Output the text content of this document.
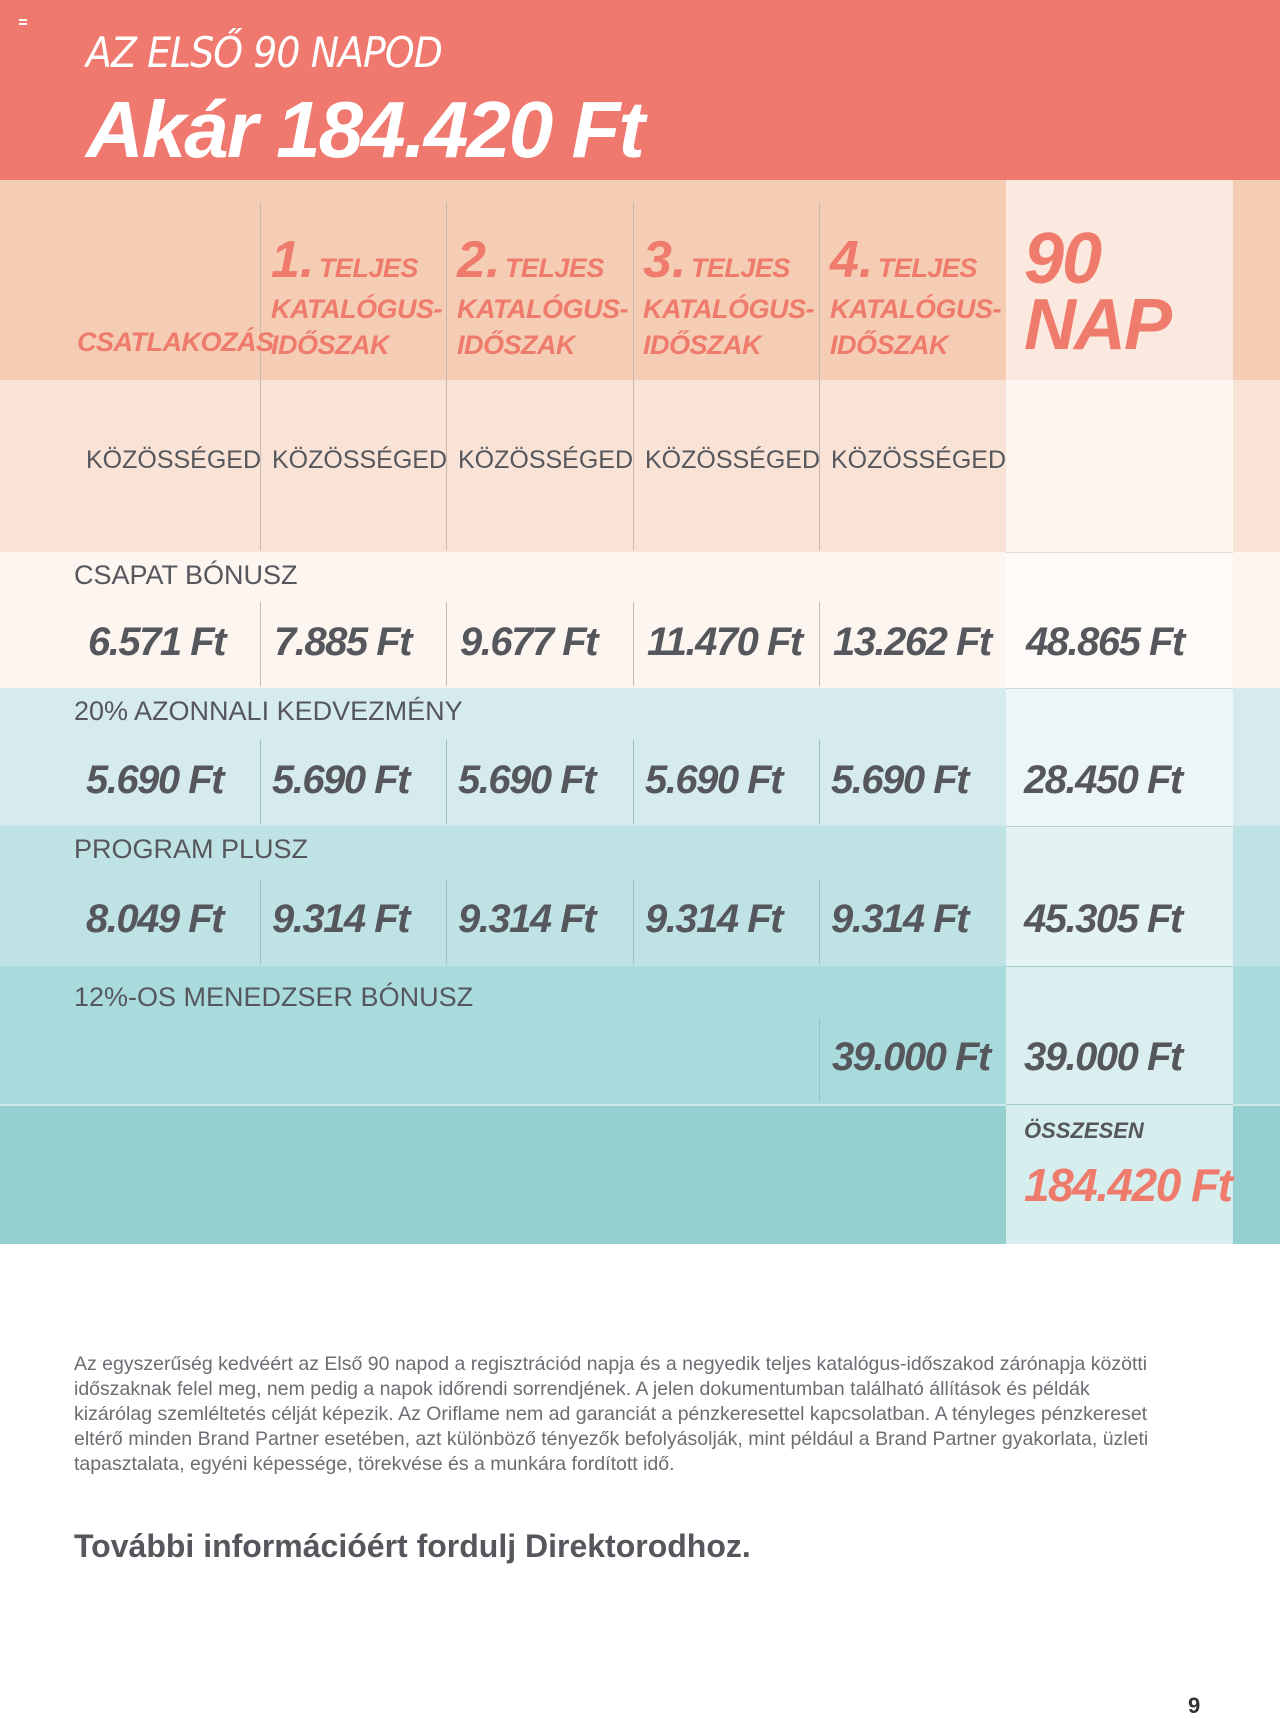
AZ ELSŐ 90 NAPOD
Akár 184.420 Ft
CSATLAKOZÁS
1. TELJES
KATALÓGUS-
IDŐSZAK
2. TELJES
KATALÓGUS-
IDŐSZAK
3. TELJES
KATALÓGUS-
IDŐSZAK
4. TELJES
KATALÓGUS-
IDŐSZAK
90
NAP
KÖZÖSSÉGED KÖZÖSSÉGED KÖZÖSSÉGED KÖZÖSSÉGED KÖZÖSSÉGED
CSAPAT BÓNUSZ
6.571 Ft 7.885 Ft 9.677 Ft 11.470 Ft 13.262 Ft 48.865 Ft
20% AZONNALI KEDVEZMÉNY
5.690 Ft 5.690 Ft 5.690 Ft 5.690 Ft 5.690 Ft 28.450 Ft
PROGRAM PLUSZ
8.049 Ft 9.314 Ft 9.314 Ft 9.314 Ft 9.314 Ft 45.305 Ft
12%-OS MENEDZSER BÓNUSZ
39.000 Ft 39.000 Ft
ÖSSZESEN
184.420 Ft
Az egyszerűség kedvéért az Első 90 napod a regisztrációd napja és a negyedik teljes katalógus-időszakod zárónapja közötti időszaknak felel meg, nem pedig a napok időrendi sorrendjének. A jelen dokumentumban található állítások és példák kizárólag szemléltetés célját képezik. Az Oriflame nem ad garanciát a pénzkeresettel kapcsolatban. A tényleges pénzkereset eltérő minden Brand Partner esetében, azt különböző tényezők befolyásolják, mint például a Brand Partner gyakorlata, üzleti tapasztalata, egyéni képessége, törekvése és a munkára fordított idő.
További információért fordulj Direktorodhoz.
9
